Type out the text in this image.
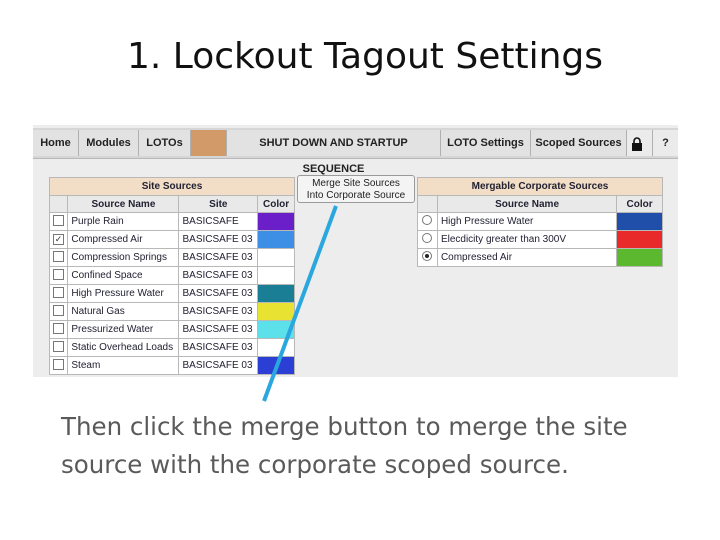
1. Lockout Tagout Settings
Home	Modules	LOTOs	SHUT DOWN AND STARTUP SEQUENCE
LOTO Settings	Scoped Sources	?
Site Sources			
	Source Name	Site	Color
	Purple Rain	BASICSAFE	
✓	Compressed Air	BASICSAFE 03	
	Compression Springs	BASICSAFE 03	
	Confined Space	BASICSAFE 03	
	High Pressure Water	BASICSAFE 03	
	Natural Gas	BASICSAFE 03	
	Pressurized Water	BASICSAFE 03	
	Static Overhead Loads	BASICSAFE 03	
	Steam	BASICSAFE 03	
Merge Site Sources
Into Corporate Source
Mergable Corporate Sources		
	Source Name	Color
	High Pressure Water	
	Elecdicity greater than 300V	
	Compressed Air	
Then click the merge button to merge the site
source with the corporate scoped source.
